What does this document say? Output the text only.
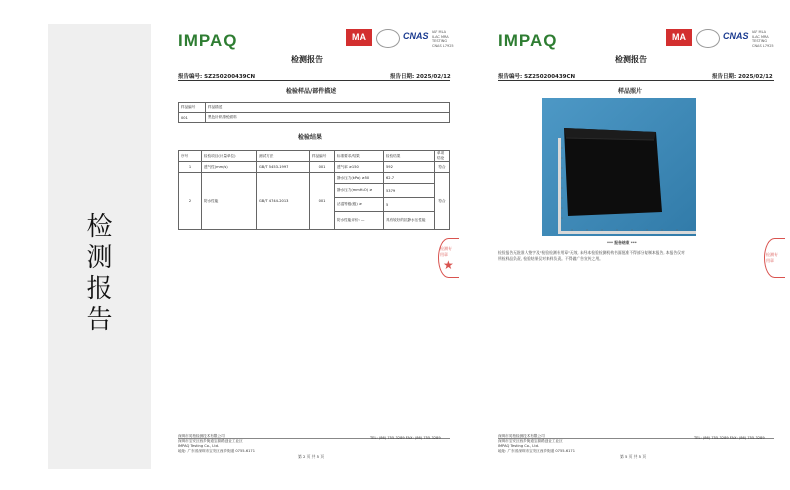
检
测
报
告
IMPAQ	MA	CNAS IAF MLA
ILAC MRA
TESTING
CNAS L7925
检测报告
报告编号: SZ250200439CN	报告日期: 2025/02/12
检验样品/部件描述
样品编号	样品描述
001	黑色针织涤纶面料
检验结果
序号	检验项目(计量单位)	测试方法	样品编号	标准要求/结果	检验结果	单项结论
1	透气性(mm/s)	GB/T 5453-1997	001	透气率 ≥150	592	符合
2	防水性能	GB/T 4744-2013	001	静水压力(kPa) ≥50	62.7	符合
				静水压力(mmH₂O) ≥	5379	
				沾湿等级(级) ≥	5	
				防水性能评价: —	具有较好的抗静水压性能	
★
检测专用章
深圳市英柏检测技术有限公司
深圳市宝安区西乡街道宝源路创业工业区
IMPAQ Testing Co., Ltd.
地址: 广东省深圳市宝安区西乡街道 0755-6171
TEL: (86) 755-3289 FAX: (86) 755-3289
第 2 页 共 5 页
IMPAQ	MA	CNAS IAF MLA
ILAC MRA
TESTING
CNAS L7925
检测报告
报告编号: SZ250200439CN	报告日期: 2025/02/12
样品照片
*** 报告结束 ***
检验报告无批准人签字及"检验检测专用章"无效, 未经本检验检测机构书面批准不得部分复制本报告, 本报告仅对
所检样品负责, 检验结果仅对来样负责。不得做广告宣传之用。
检测专用章
深圳市英柏检测技术有限公司
深圳市宝安区西乡街道宝源路创业工业区
IMPAQ Testing Co., Ltd.
地址: 广东省深圳市宝安区西乡街道 0755-6171
TEL: (86) 755-3289 FAX: (86) 755-3289
第 5 页 共 5 页
